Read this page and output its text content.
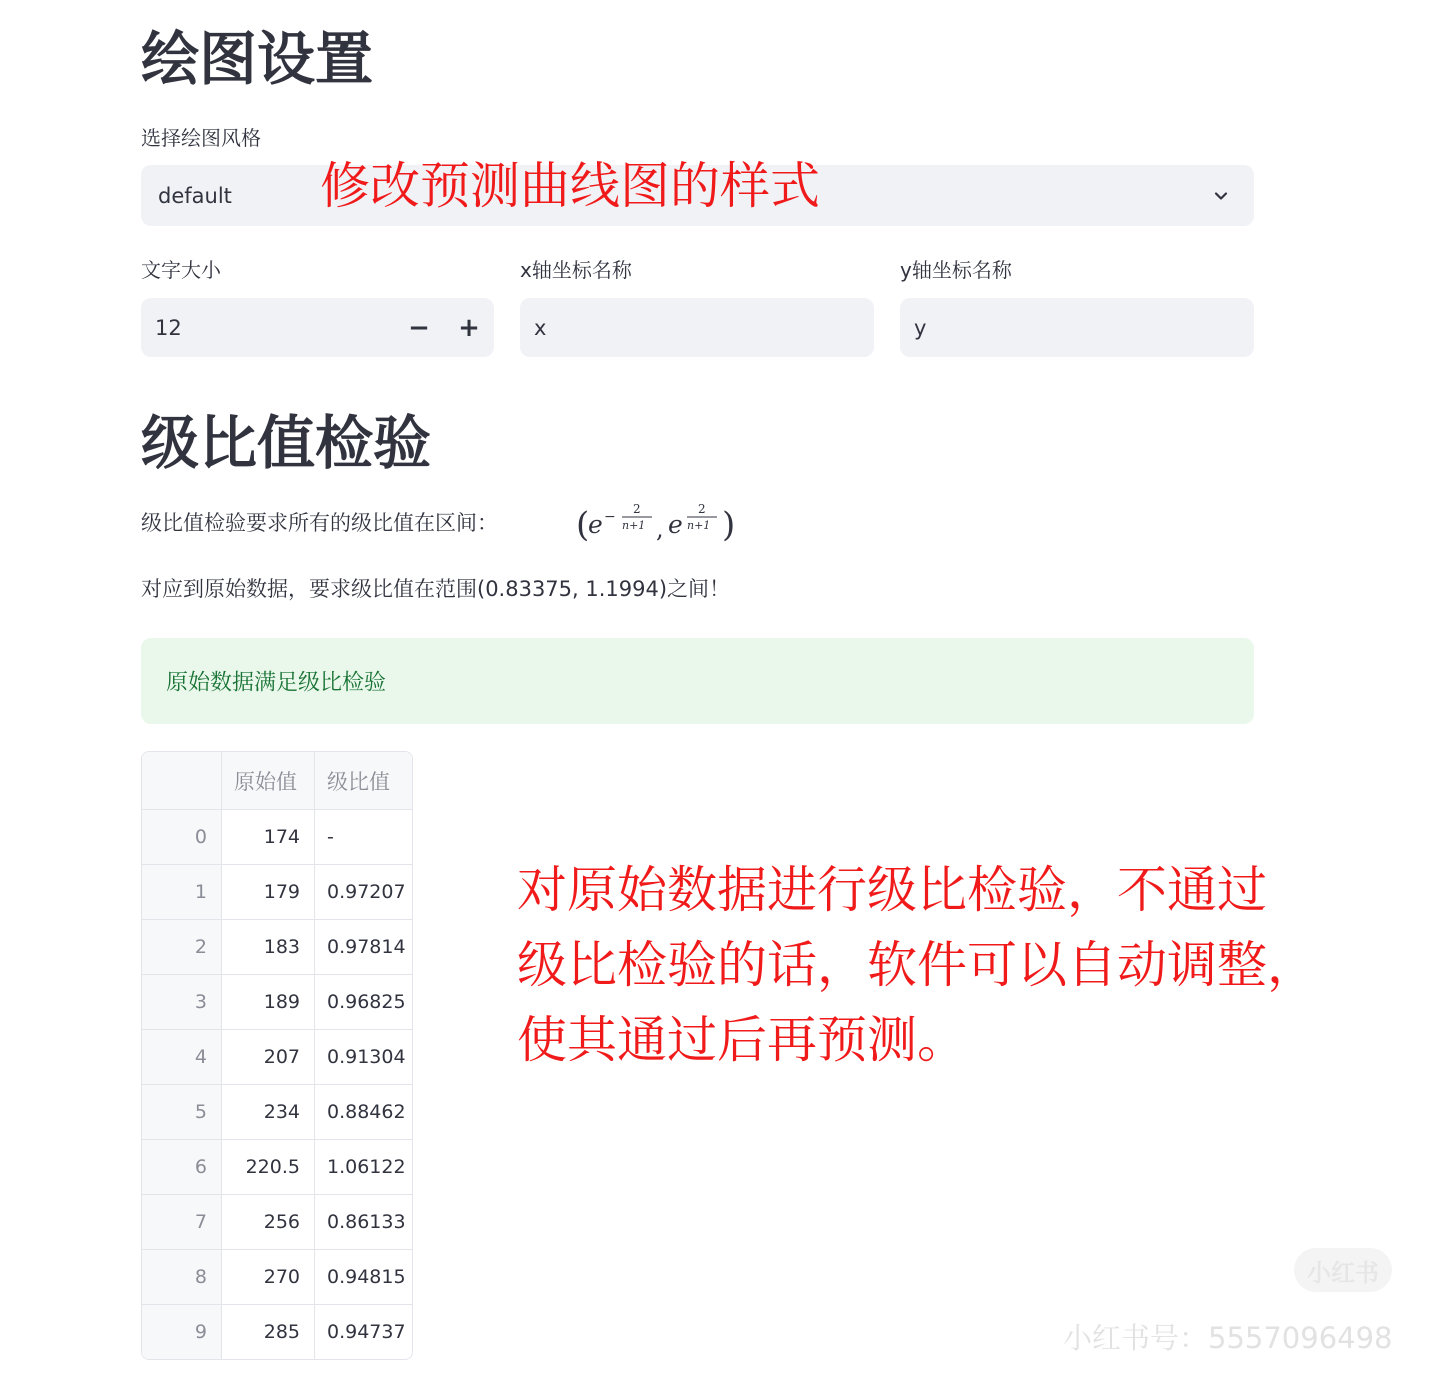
绘图设置
选择绘图风格
default
文字大小
12	− +
x轴坐标名称
x
y轴坐标名称
y
级比值检验
级比值检验要求所有的级比值在区间： (
e − 2
n+1 , e
2
n+1 )
对应到原始数据，要求级比值在范围(0.83375, 1.1994)之间！
原始数据满足级比检验
原始值	级比值
0	174	-
1	179	0.97207
2	183	0.97814
3	189	0.96825
4	207	0.91304
5	234	0.88462
6	220.5	1.06122
7	256	0.86133
8	270	0.94815
9	285	0.94737
修改预测曲线图的样式
对原始数据进行级比检验，不通过
级比检验的话，软件可以自动调整，
使其通过后再预测。
小红书
小红书号：5557096498
